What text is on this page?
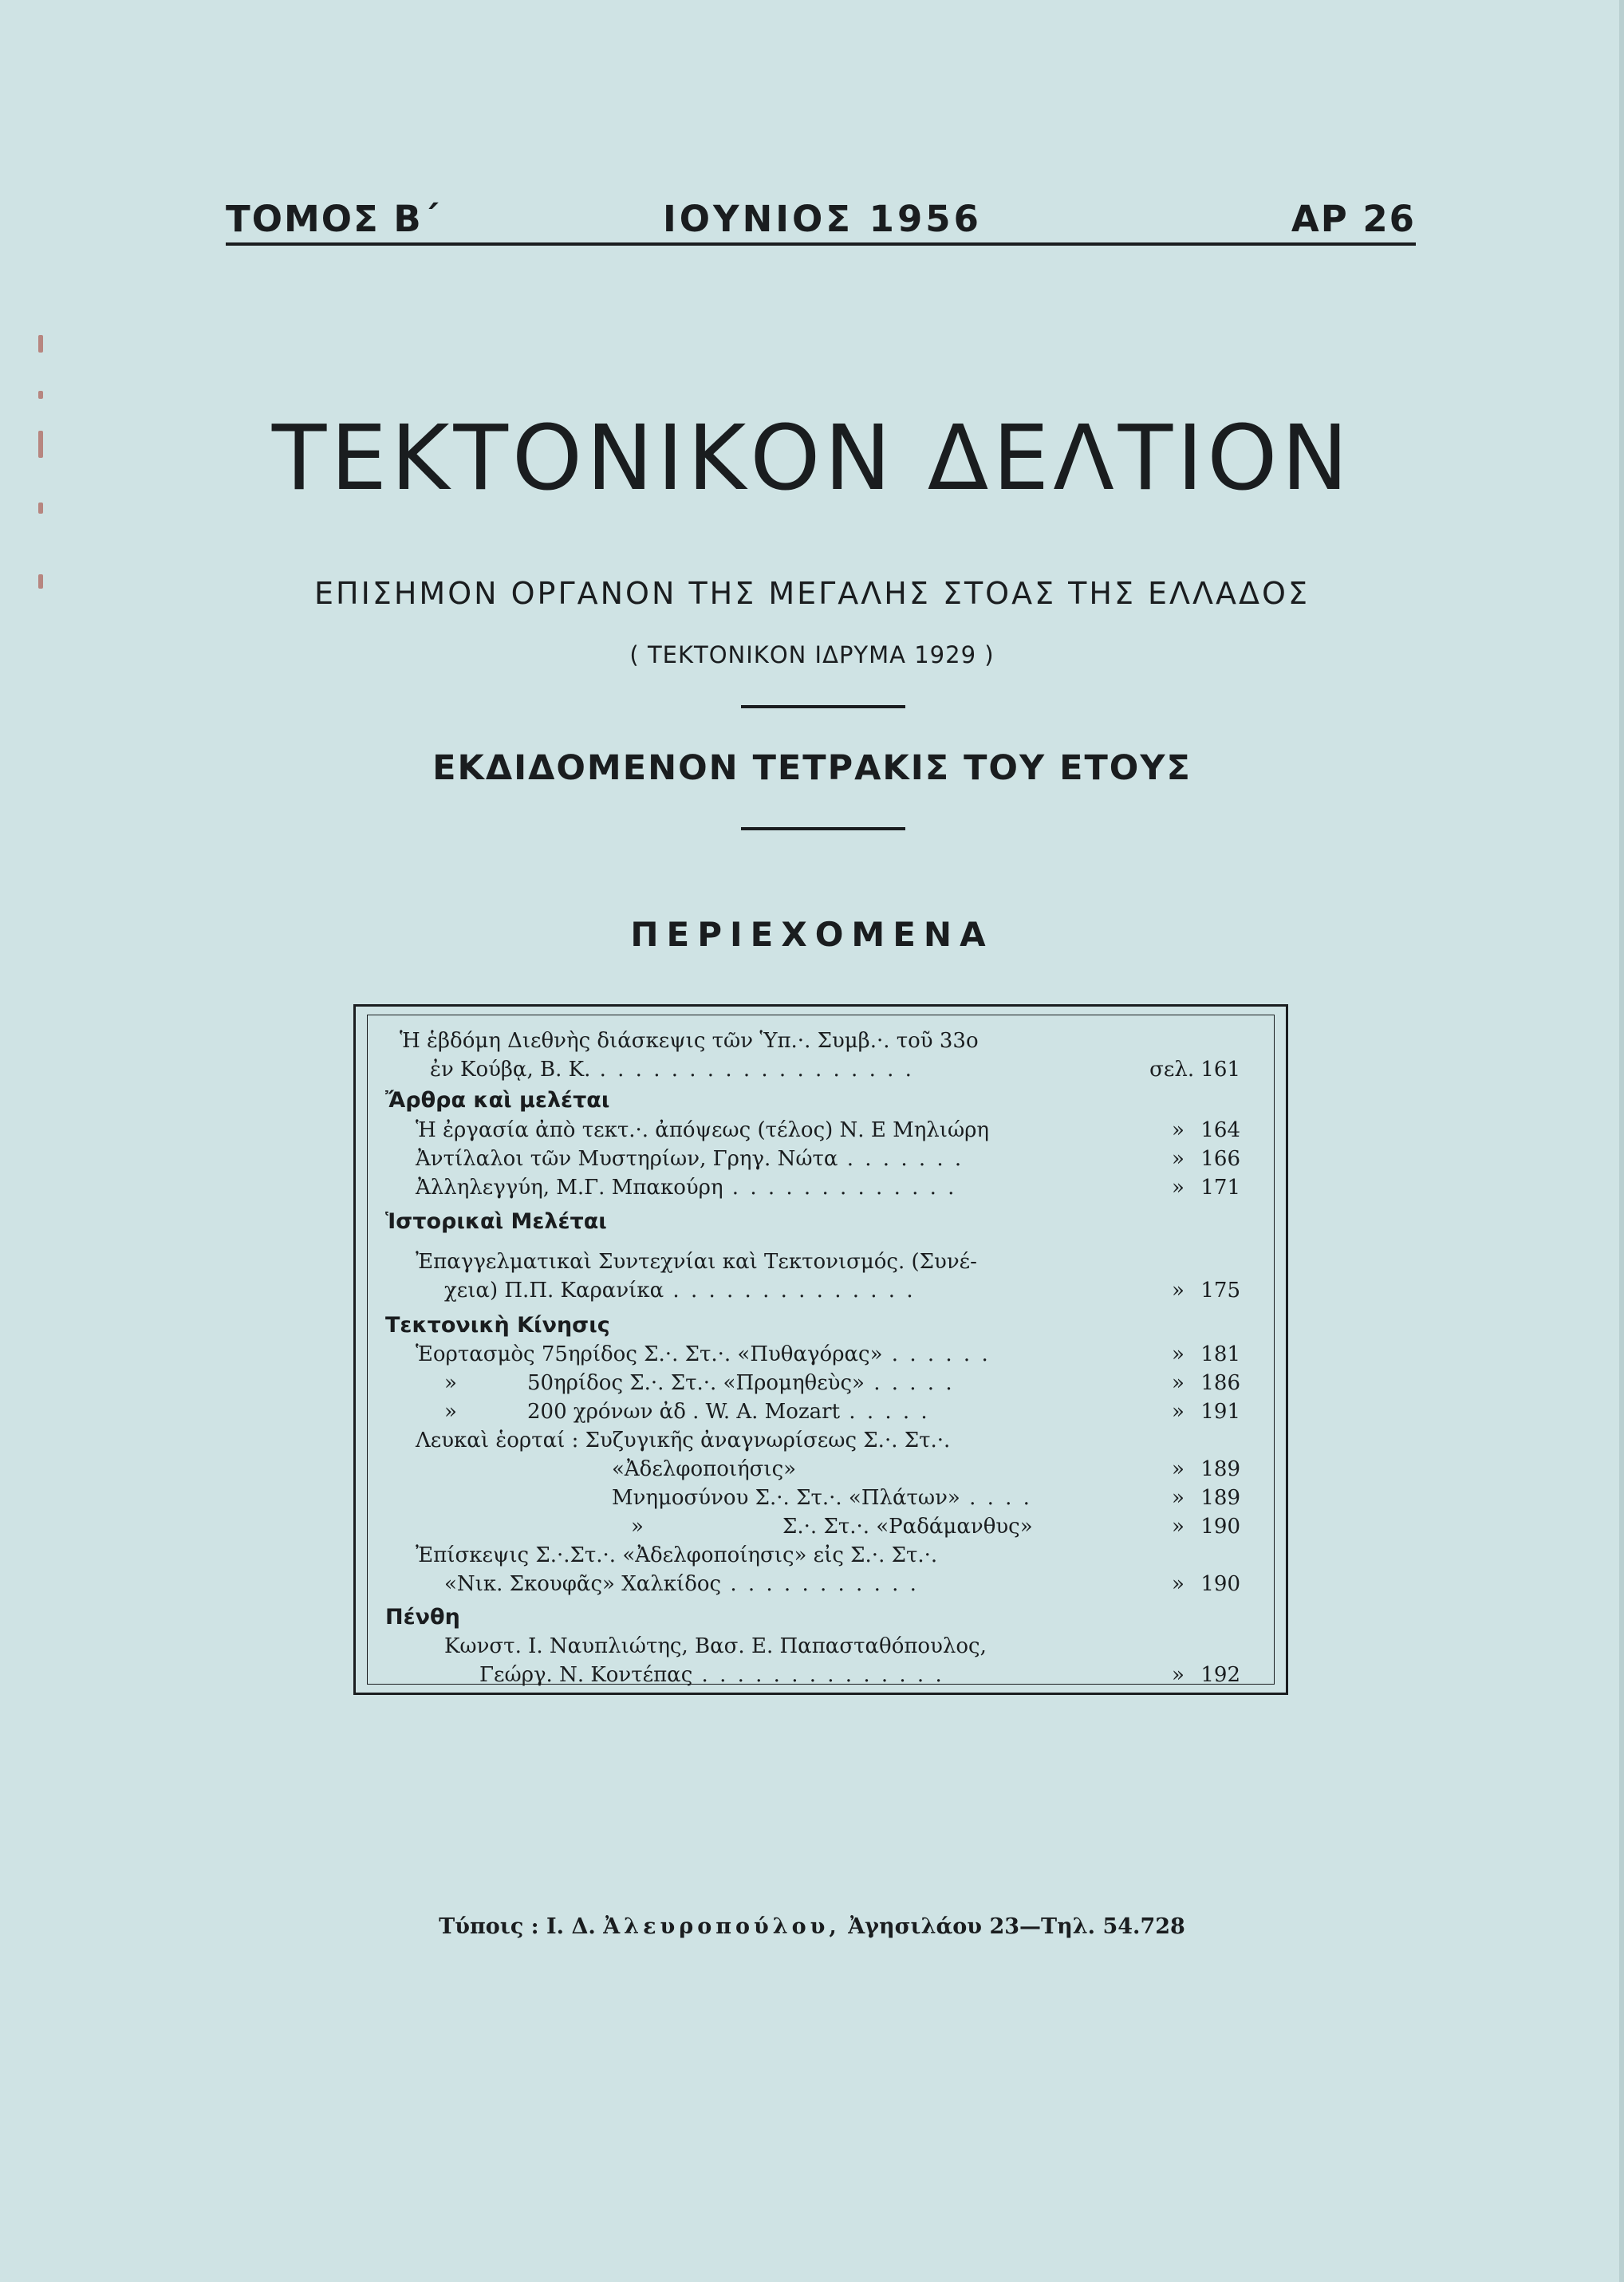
ΤΟΜΟΣ Β΄	ΙΟΥΝΙΟΣ 1956	ΑΡ 26
ΤΕΚΤΟΝΙΚΟΝ ΔΕΛΤΙΟΝ
ΕΠΙΣΗΜΟΝ ΟΡΓΑΝΟΝ ΤΗΣ ΜΕΓΑΛΗΣ ΣΤΟΑΣ ΤΗΣ ΕΛΛΑΔΟΣ
( ΤΕΚΤΟΝΙΚΟΝ ΙΔΡΥΜΑ 1929 )
ΕΚΔΙΔΟΜΕΝΟΝ ΤΕΤΡΑΚΙΣ ΤΟΥ ΕΤΟΥΣ
ΠΕΡΙΕΧΟΜΕΝΑ
Ἡ ἑβδόμη Διεθνὴς διάσκεψις τῶν Ὑπ.·. Συμβ.·. τοῦ 33ο
ἐν Κούβᾳ, Β. Κ. . . . . . . . . . . . . . . . . . .	σελ. 161
Ἄρθρα καὶ μελέται
Ἡ ἐργασία ἀπὸ τεκτ.·. ἀπόψεως (τέλος) Ν. Ε Μηλιώρη	» 164
Ἀντίλαλοι τῶν Μυστηρίων, Γρηγ. Νώτα . . . . . . .	» 166
Ἀλληλεγγύη, Μ.Γ. Μπακούρη . . . . . . . . . . . . .	» 171
Ἱστορικαὶ Μελέται
Ἐπαγγελματικαὶ Συντεχνίαι καὶ Τεκτονισμός. (Συνέ-
χεια) Π.Π. Καρανίκα . . . . . . . . . . . . . .	» 175
Τεκτονικὴ Κίνησις
Ἑορτασμὸς 75ηρίδος Σ.·. Στ.·. «Πυθαγόρας» . . . . . .	» 181
»	50ηρίδος Σ.·. Στ.·. «Προμηθεὺς» . . . . .	» 186
»	200 χρόνων ἀδ . W. A. Mozart . . . . .	» 191
Λευκαὶ ἑορταί : Συζυγικῆς ἀναγνωρίσεως Σ.·. Στ.·.
«Ἀδελφοποιήσις»	» 189
Μνημοσύνου Σ.·. Στ.·. «Πλάτων» . . . .	» 189
»	Σ.·. Στ.·. «Ραδάμανθυς»	» 190
Ἐπίσκεψις Σ.·.Στ.·. «Ἀδελφοποίησις» εἰς Σ.·. Στ.·.
«Νικ. Σκουφᾶς» Χαλκίδος . . . . . . . . . . .	» 190
Πένθη
Κωνστ. Ι. Ναυπλιώτης, Βασ. Ε. Παπασταθόπουλος,
Γεώργ. Ν. Κοντέπας . . . . . . . . . . . . . .	» 192
Τύποις : Ι. Δ. Ἀλευροπούλου, Ἀγησιλάου 23—Τηλ. 54.728
